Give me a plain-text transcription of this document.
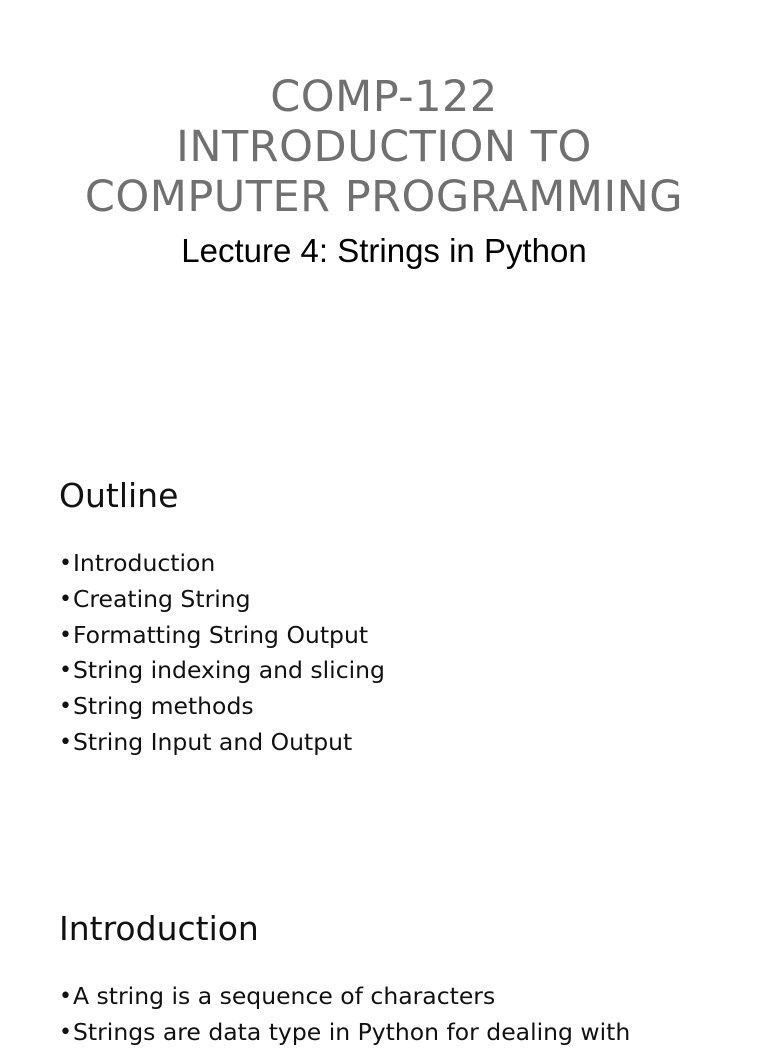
COMP-122
INTRODUCTION TO
COMPUTER PROGRAMMING
Lecture 4: Strings in Python
Outline
• Introduction
• Creating String
• Formatting String Output
• String indexing and slicing
• String methods
• String Input and Output
Introduction
• A string is a sequence of characters
• Strings are data type in Python for dealing with
